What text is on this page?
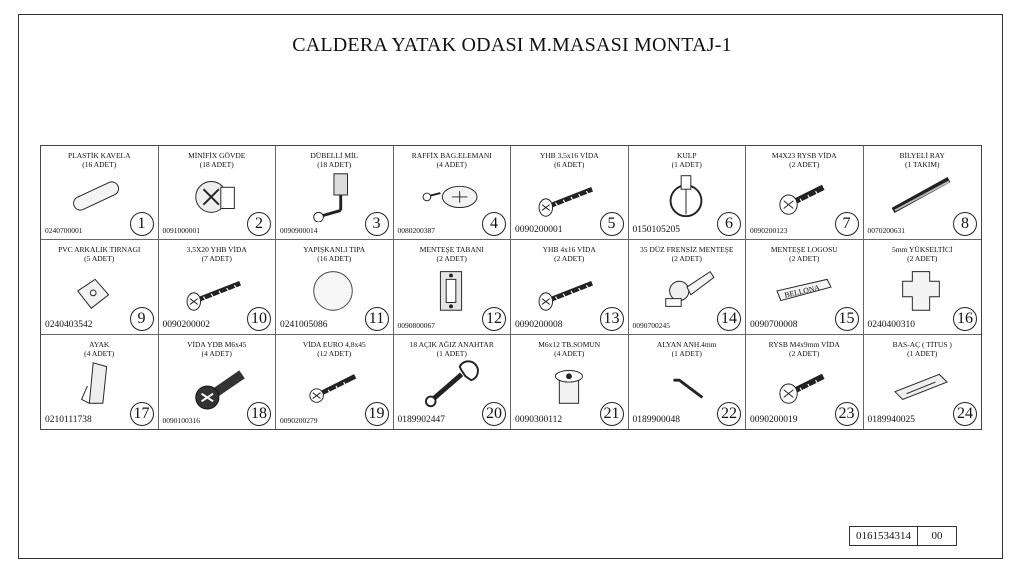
CALDERA YATAK ODASI M.MASASI MONTAJ-1
PLASTİK KAVELA
(16 ADET)
0240700001	1
MİNİFİX GÖVDE
(18 ADET)
0091000001	2
DÜBELLİ MİL
(18 ADET)
0090900014	3
RAFFİX BAG.ELEMANI
(4 ADET)
0080200387	4
YHB 3,5x16 VİDA
(6 ADET)
0090200001	5
KULP
(1 ADET)
0150105205	6
M4X23 RYSB VİDA
(2 ADET)
0090200123	7
BİLYELİ RAY
(1 TAKIM)
0070200631	8
PVC ARKALIK TIRNAGI
(5 ADET)
0240403542	9
3,5X20 YHB VİDA
(7 ADET)
0090200002	10
YAPIŞKANLI TIPA
(16 ADET)
0241005086	11
MENTEŞE TABANI
(2 ADET)
0090800067	12
YHB 4x16 VİDA
(2 ADET)
0090200008	13
35 DÜZ FRENSİZ MENTEŞE
(2 ADET)
0090700245	14
MENTEŞE LOGOSU
(2 ADET)
BELLONA
0090700008	15
5mm YÜKSELTİCİ
(2 ADET)
0240400310	16
AYAK
(4 ADET)
0210111738	17
VİDA YDB M6x45
(4 ADET)
0090100316	18
VİDA EURO 4,8x45
(12 ADET)
0090200279	19
18 AÇIK AĞIZ ANAHTAR
(1 ADET)
0189902447	20
M6x12 TB.SOMUN
(4 ADET)
0090300112	21
ALYAN ANH.4mm
(1 ADET)
0189900048	22
RYSB M4x9mm VİDA
(2 ADET)
0090200019	23
BAS-AÇ ( TİTUS )
(1 ADET)
0189940025	24
0161534314	00
